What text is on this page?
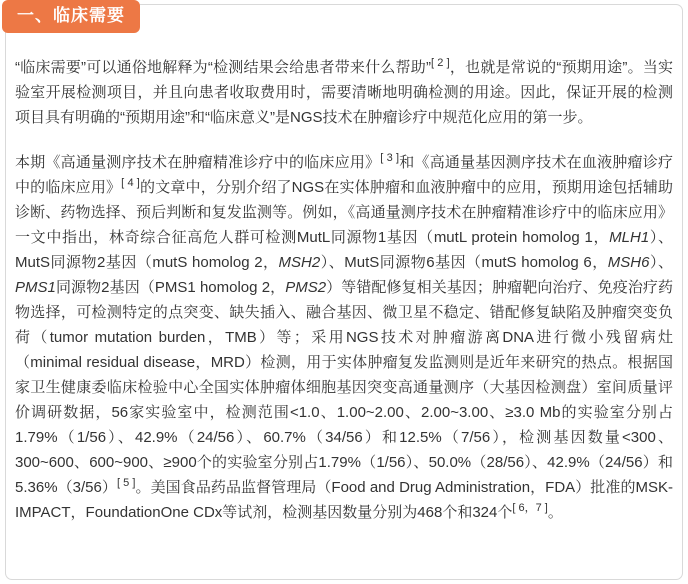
“临床需要”可以通俗地解释为“检测结果会给患者带来什么帮助”[ 2 ]，也就是常说的“预期用途”。当实验室开展检测项目，并且向患者收取费用时，需要清晰地明确检测的用途。因此，保证开展的检测项目具有明确的“预期用途”和“临床意义”是NGS技术在肿瘤诊疗中规范化应用的第一步。

本期《高通量测序技术在肿瘤精准诊疗中的临床应用》[ 3 ]和《高通量基因测序技术在血液肿瘤诊疗中的临床应用》[ 4 ]的文章中，分别介绍了NGS在实体肿瘤和血液肿瘤中的应用，预期用途包括辅助诊断、药物选择、预后判断和复发监测等。例如，《高通量测序技术在肿瘤精准诊疗中的临床应用》一文中指出，林奇综合征高危人群可检测MutL同源物1基因（mutL protein homolog 1，MLH1）、MutS同源物2基因（mutS homolog 2，MSH2）、MutS同源物6基因（mutS homolog 6，MSH6）、PMS1同源物2基因（PMS1 homolog 2，PMS2）等错配修复相关基因；肿瘤靶向治疗、免疫治疗药物选择，可检测特定的点突变、缺失插入、融合基因、微卫星不稳定、错配修复缺陷及肿瘤突变负荷（tumor mutation burden，TMB）等；采用NGS技术对肿瘤游离DNA进行微小残留病灶（minimal residual disease，MRD）检测，用于实体肿瘤复发监测则是近年来研究的热点。根据国家卫生健康委临床检验中心全国实体肿瘤体细胞基因突变高通量测序（大基因检测盘）室间质量评价调研数据，56家实验室中，检测范围<1.0、1.00~2.00、2.00~3.00、≥3.0 Mb的实验室分别占1.79%（1/56）、42.9%（24/56）、60.7%（34/56）和12.5%（7/56），检测基因数量<300、300~600、600~900、≥900个的实验室分别占1.79%（1/56）、50.0%（28/56）、42.9%（24/56）和5.36%（3/56）[ 5 ]。美国食品药品监督管理局（Food and Drug Administration，FDA）批准的MSK-IMPACT，FoundationOne CDx等试剂，检测基因数量分别为468个和324个[ 6，7 ]。

一、临床需要
